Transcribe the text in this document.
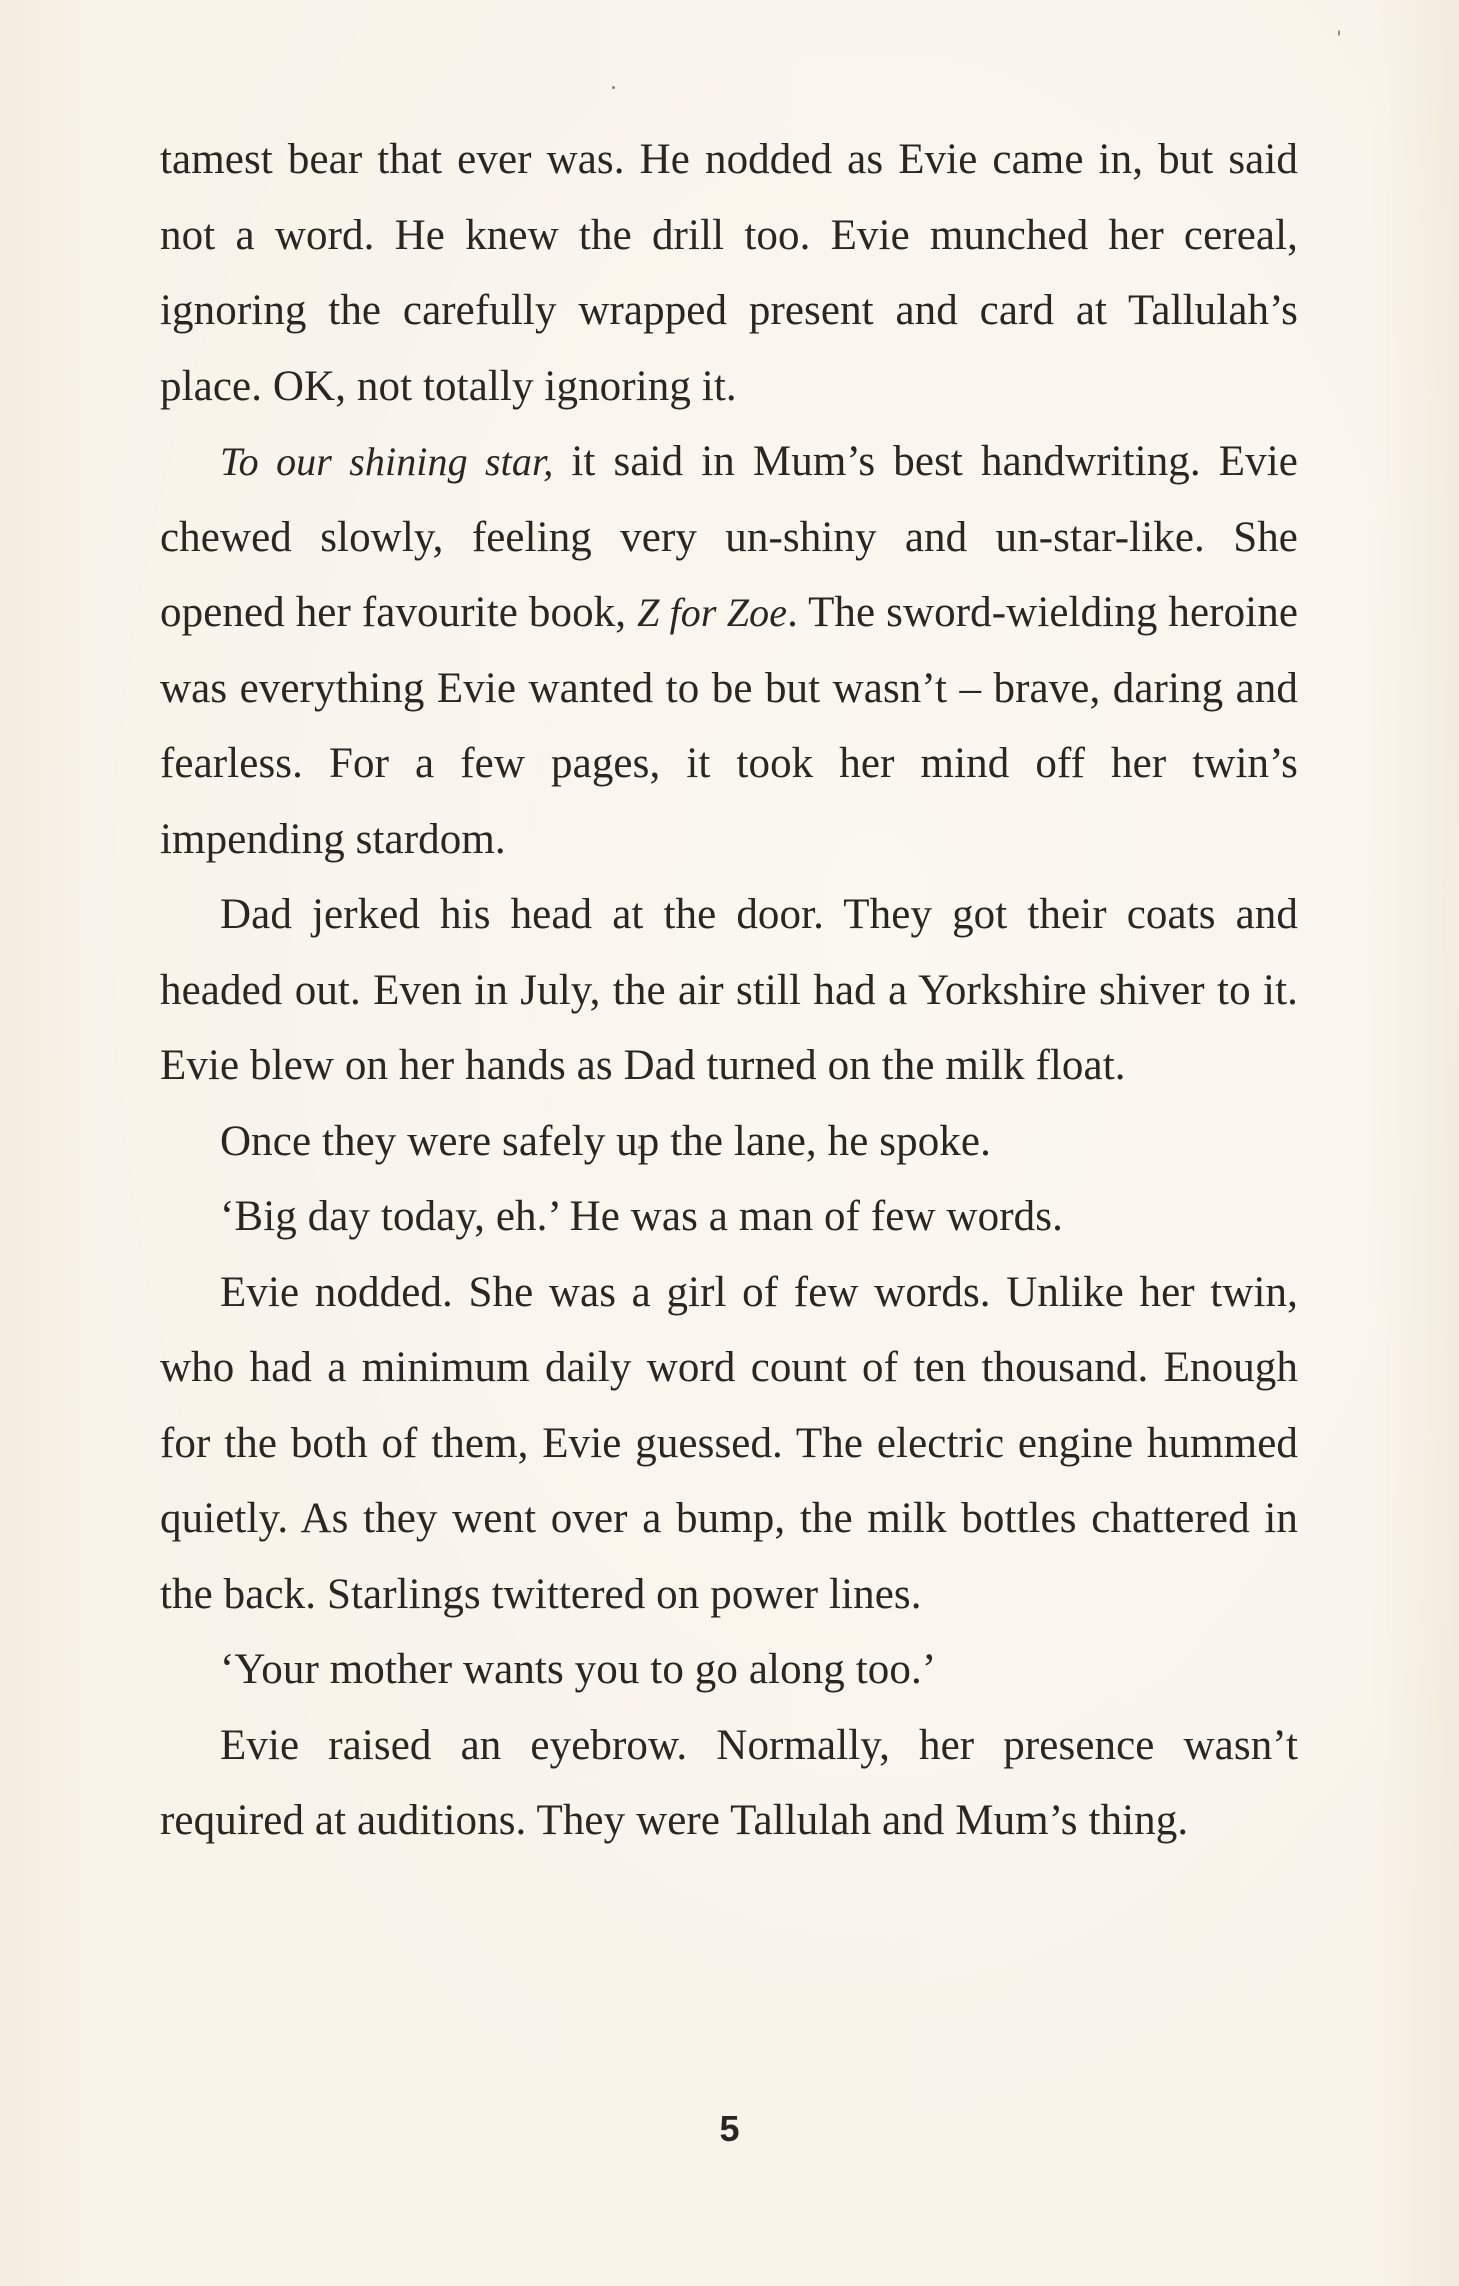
tamest bear that ever was. He nodded as Evie came in, but said not a word. He knew the drill too. Evie munched her cereal, ignoring the carefully wrapped present and card at Tallulah’s place. OK, not totally ignoring it.

To our shining star, it said in Mum’s best handwriting. Evie chewed slowly, feeling very un-shiny and un-star-like. She opened her favourite book, Z for Zoe. The sword-wielding heroine was everything Evie wanted to be but wasn’t – brave, daring and fearless. For a few pages, it took her mind off her twin’s impending stardom.

Dad jerked his head at the door. They got their coats and headed out. Even in July, the air still had a Yorkshire shiver to it. Evie blew on her hands as Dad turned on the milk float.

Once they were safely up the lane, he spoke.

‘Big day today, eh.’ He was a man of few words.

Evie nodded. She was a girl of few words. Unlike her twin, who had a minimum daily word count of ten thousand. Enough for the both of them, Evie guessed. The electric engine hummed quietly. As they went over a bump, the milk bottles chattered in the back. Starlings twittered on power lines.

‘Your mother wants you to go along too.’

Evie raised an eyebrow. Normally, her presence wasn’t required at auditions. They were Tallulah and Mum’s thing.

5
